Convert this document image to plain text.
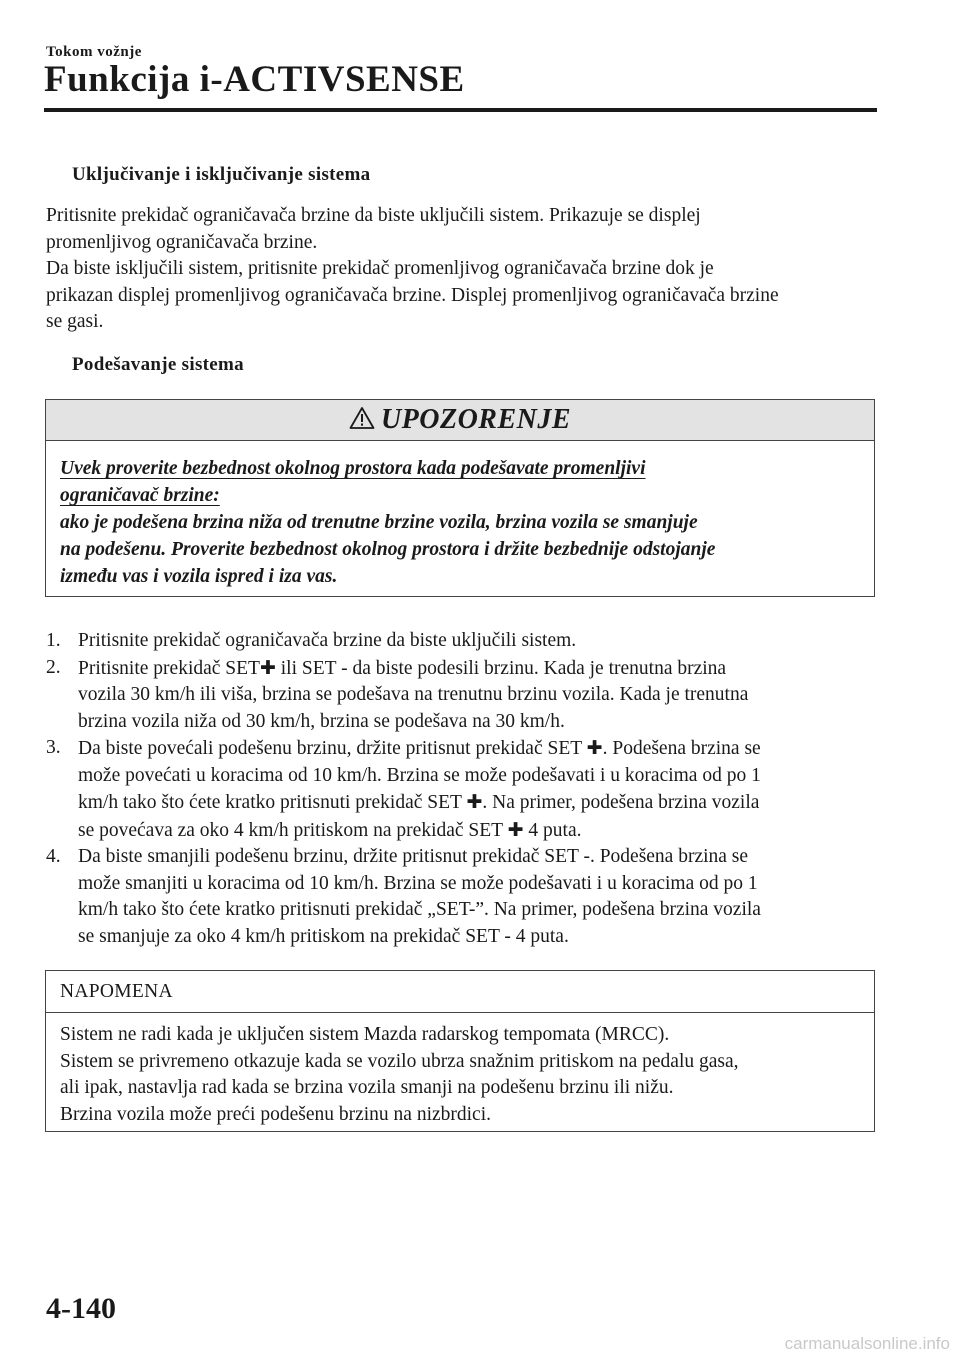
Tokom vožnje
Funkcija i-ACTIVSENSE
Uključivanje i isključivanje sistema
Pritisnite prekidač ograničavača brzine da biste uključili sistem. Prikazuje se displej
promenljivog ograničavača brzine.
Da biste isključili sistem, pritisnite prekidač promenljivog ograničavača brzine dok je
prikazan displej promenljivog ograničavača brzine. Displej promenljivog ograničavača brzine
se gasi.
Podešavanje sistema
UPOZORENJE
Uvek proverite bezbednost okolnog prostora kada podešavate promenljivi
ograničavač brzine:
ako je podešena brzina niža od trenutne brzine vozila, brzina vozila se smanjuje
na podešenu. Proverite bezbednost okolnog prostora i držite bezbednije odstojanje
između vas i vozila ispred i iza vas.
1. Pritisnite prekidač ograničavača brzine da biste uključili sistem.
2. Pritisnite prekidač SET✚ ili SET - da biste podesili brzinu. Kada je trenutna brzina
vozila 30 km/h ili viša, brzina se podešava na trenutnu brzinu vozila. Kada je trenutna
brzina vozila niža od 30 km/h, brzina se podešava na 30 km/h.
3. Da biste povećali podešenu brzinu, držite pritisnut prekidač SET ✚. Podešena brzina se
može povećati u koracima od 10 km/h. Brzina se može podešavati i u koracima od po 1
km/h tako što ćete kratko pritisnuti prekidač SET ✚. Na primer, podešena brzina vozila
se povećava za oko 4 km/h pritiskom na prekidač SET ✚ 4 puta.
4. Da biste smanjili podešenu brzinu, držite pritisnut prekidač SET -. Podešena brzina se
može smanjiti u koracima od 10 km/h. Brzina se može podešavati i u koracima od po 1
km/h tako što ćete kratko pritisnuti prekidač „SET-”. Na primer, podešena brzina vozila
se smanjuje za oko 4 km/h pritiskom na prekidač SET - 4 puta.
NAPOMENA
Sistem ne radi kada je uključen sistem Mazda radarskog tempomata (MRCC).
Sistem se privremeno otkazuje kada se vozilo ubrza snažnim pritiskom na pedalu gasa,
ali ipak, nastavlja rad kada se brzina vozila smanji na podešenu brzinu ili nižu.
Brzina vozila može preći podešenu brzinu na nizbrdici.
4-140
carmanualsonline.info
